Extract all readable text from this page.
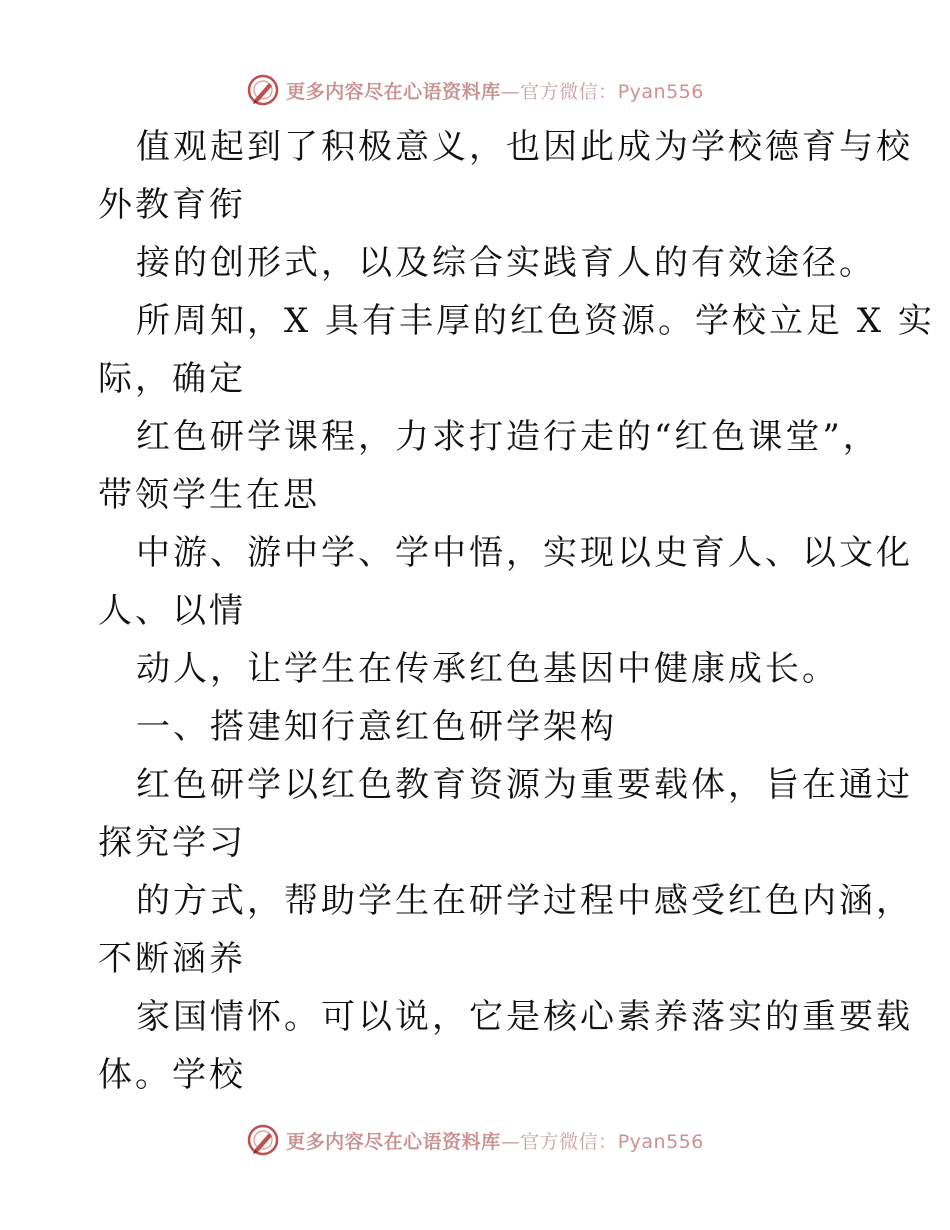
更多内容尽在心语资料库—官方微信：Pyan556
值观起到了积极意义，也因此成为学校德育与校
外教育衔
接的创形式，以及综合实践育人的有效途径。
所周知，X 具有丰厚的红色资源。学校立足 X 实
际，确定
红色研学课程，力求打造行走的“红色课堂”，
带领学生在思
中游、游中学、学中悟，实现以史育人、以文化
人、以情
动人，让学生在传承红色基因中健康成长。
一、搭建知行意红色研学架构
红色研学以红色教育资源为重要载体，旨在通过
探究学习
的方式，帮助学生在研学过程中感受红色内涵，
不断涵养
家国情怀。可以说，它是核心素养落实的重要载
体。学校
更多内容尽在心语资料库—官方微信：Pyan556
